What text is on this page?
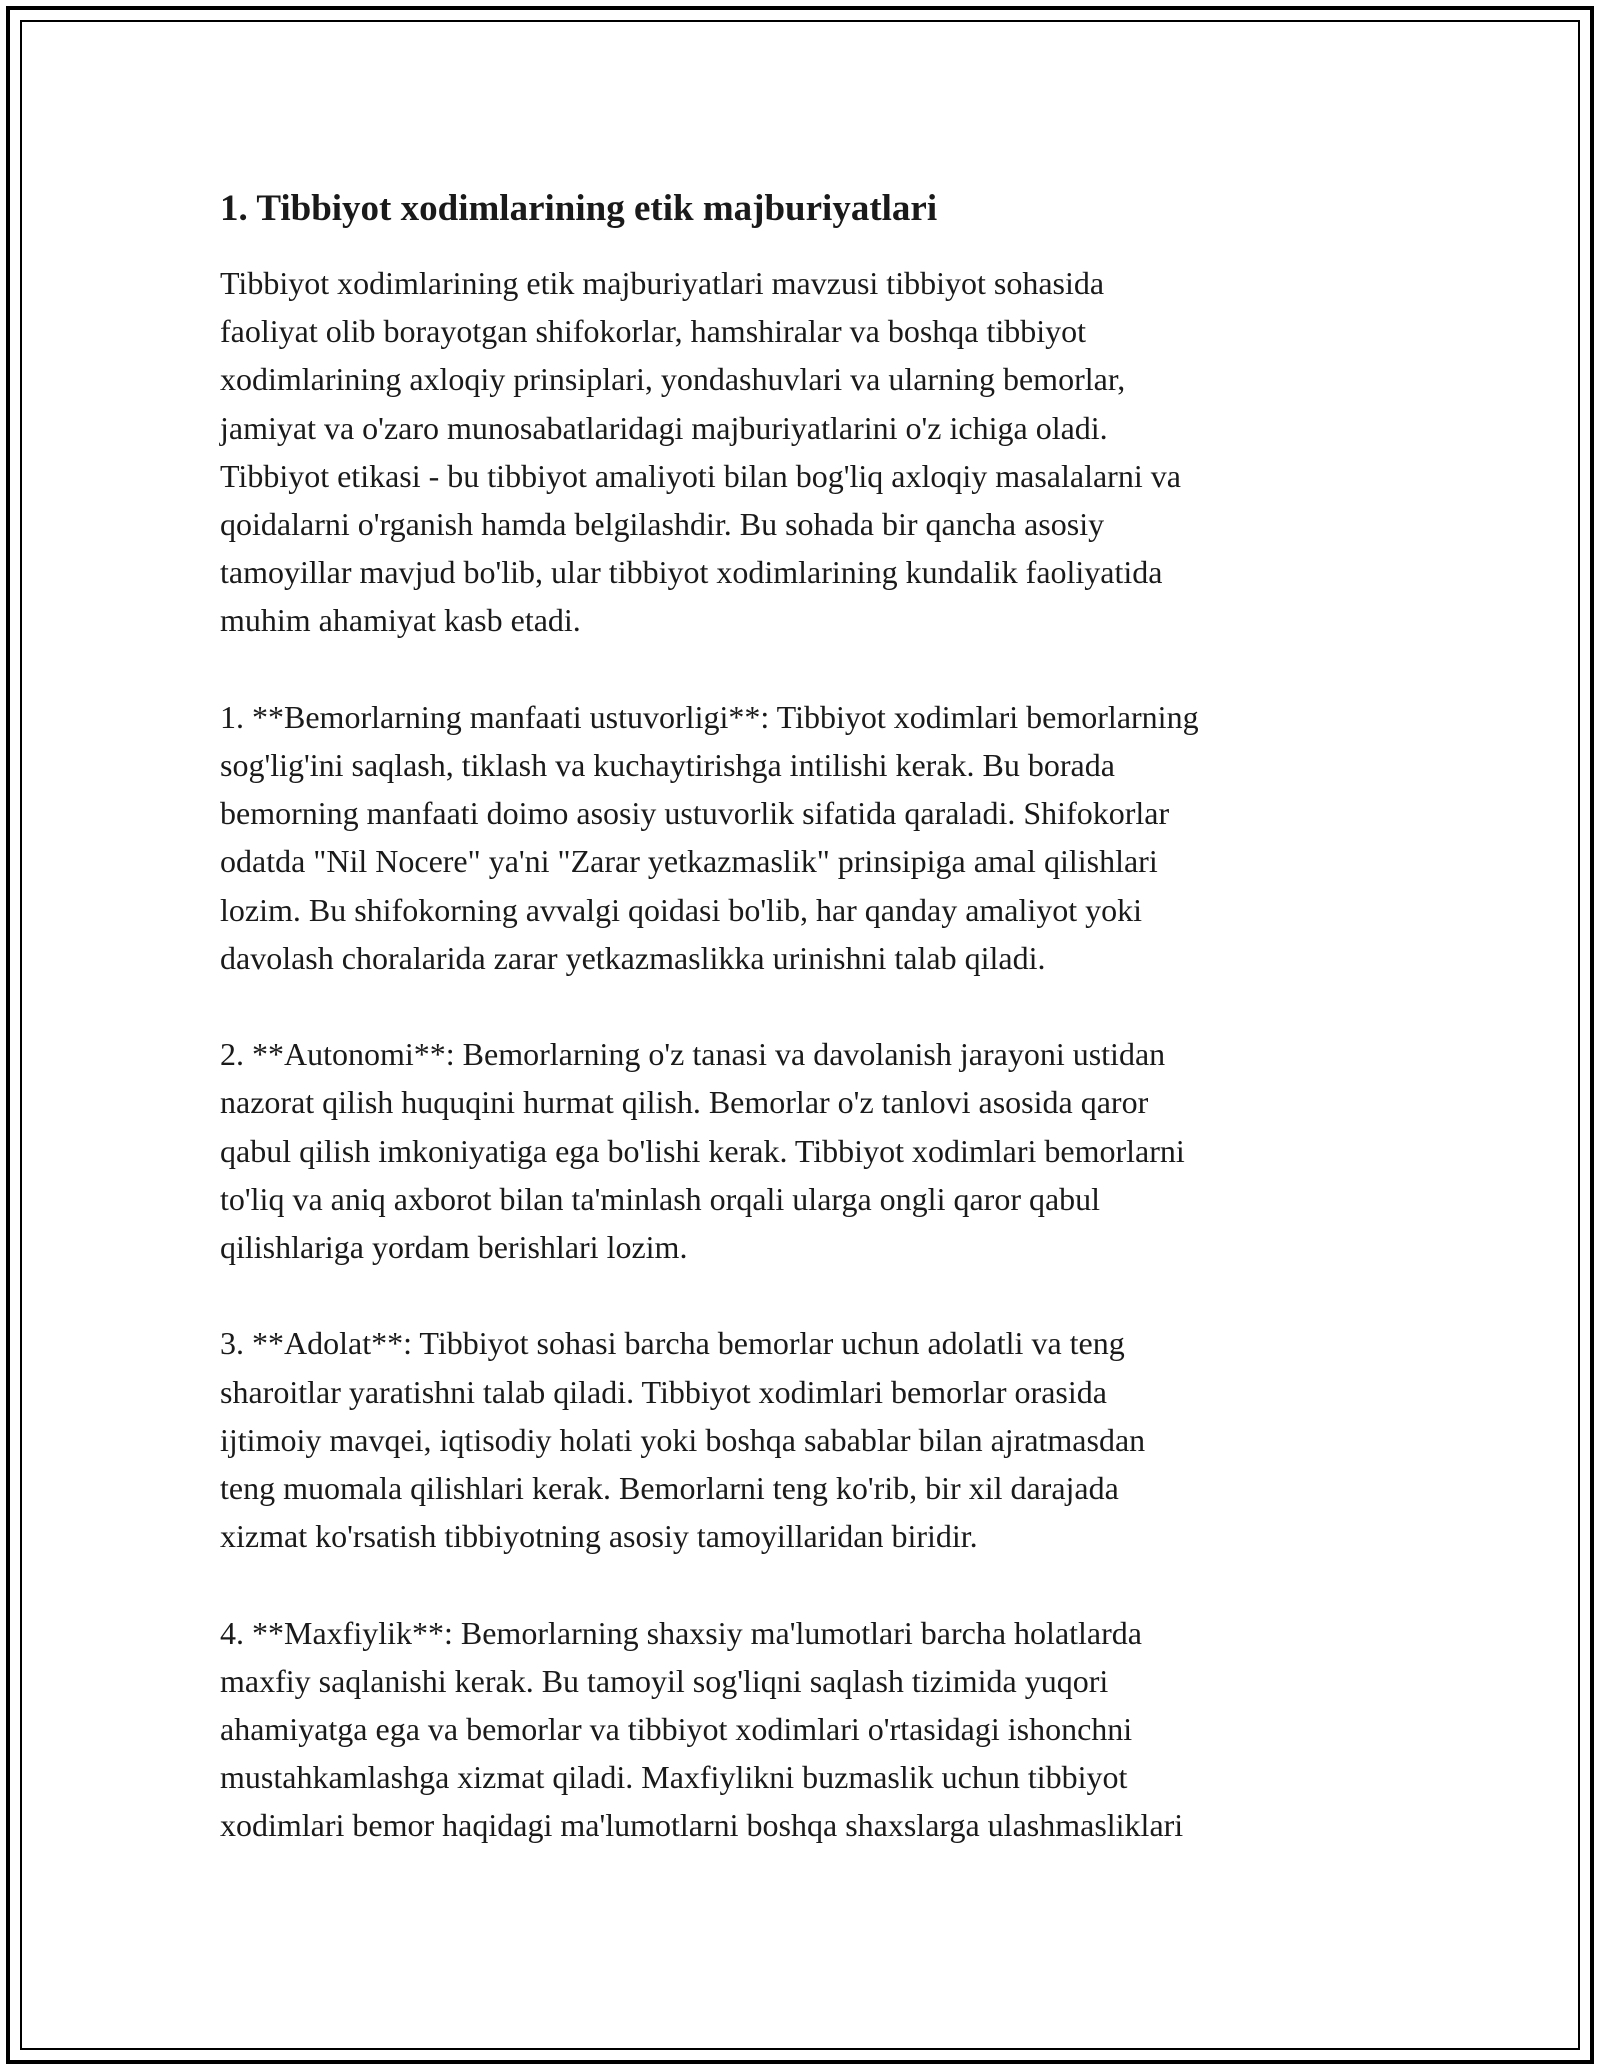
1. Tibbiyot xodimlarining etik majburiyatlari
Tibbiyot xodimlarining etik majburiyatlari mavzusi tibbiyot sohasida
faoliyat olib borayotgan shifokorlar, hamshiralar va boshqa tibbiyot
xodimlarining axloqiy prinsiplari, yondashuvlari va ularning bemorlar,
jamiyat va o'zaro munosabatlaridagi majburiyatlarini o'z ichiga oladi.
Tibbiyot etikasi - bu tibbiyot amaliyoti bilan bog'liq axloqiy masalalarni va
qoidalarni o'rganish hamda belgilashdir. Bu sohada bir qancha asosiy
tamoyillar mavjud bo'lib, ular tibbiyot xodimlarining kundalik faoliyatida
muhim ahamiyat kasb etadi.
1. **Bemorlarning manfaati ustuvorligi**: Tibbiyot xodimlari bemorlarning
sog'lig'ini saqlash, tiklash va kuchaytirishga intilishi kerak. Bu borada
bemorning manfaati doimo asosiy ustuvorlik sifatida qaraladi. Shifokorlar
odatda "Nil Nocere" ya'ni "Zarar yetkazmaslik" prinsipiga amal qilishlari
lozim. Bu shifokorning avvalgi qoidasi bo'lib, har qanday amaliyot yoki
davolash choralarida zarar yetkazmaslikka urinishni talab qiladi.
2. **Autonomi**: Bemorlarning o'z tanasi va davolanish jarayoni ustidan
nazorat qilish huquqini hurmat qilish. Bemorlar o'z tanlovi asosida qaror
qabul qilish imkoniyatiga ega bo'lishi kerak. Tibbiyot xodimlari bemorlarni
to'liq va aniq axborot bilan ta'minlash orqali ularga ongli qaror qabul
qilishlariga yordam berishlari lozim.
3. **Adolat**: Tibbiyot sohasi barcha bemorlar uchun adolatli va teng
sharoitlar yaratishni talab qiladi. Tibbiyot xodimlari bemorlar orasida
ijtimoiy mavqei, iqtisodiy holati yoki boshqa sabablar bilan ajratmasdan
teng muomala qilishlari kerak. Bemorlarni teng ko'rib, bir xil darajada
xizmat ko'rsatish tibbiyotning asosiy tamoyillaridan biridir.
4. **Maxfiylik**: Bemorlarning shaxsiy ma'lumotlari barcha holatlarda
maxfiy saqlanishi kerak. Bu tamoyil sog'liqni saqlash tizimida yuqori
ahamiyatga ega va bemorlar va tibbiyot xodimlari o'rtasidagi ishonchni
mustahkamlashga xizmat qiladi. Maxfiylikni buzmaslik uchun tibbiyot
xodimlari bemor haqidagi ma'lumotlarni boshqa shaxslarga ulashmasliklari
